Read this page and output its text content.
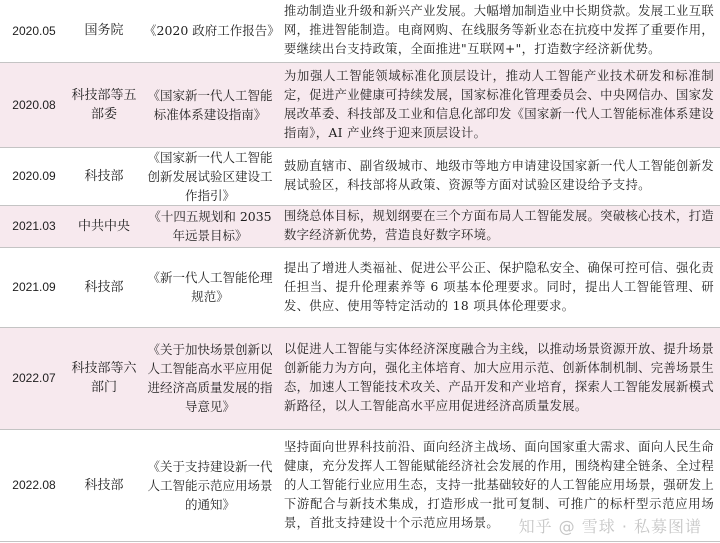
2020.05	国务院	《2020 政府工作报告》	推动制造业升级和新兴产业发展。大幅增加制造业中长期贷款。发展工业互联网，推进智能制造。电商网购、在线服务等新业态在抗疫中发挥了重要作用，要继续出台支持政策，全面推进"互联网+"，打造数字经济新优势。
2020.08	科技部等五部委	《国家新一代人工智能标准体系建设指南》	为加强人工智能领域标准化顶层设计，推动人工智能产业技术研发和标准制定，促进产业健康可持续发展，国家标准化管理委员会、中央网信办、国家发展改革委、科技部及工业和信息化部印发《国家新一代人工智能标准体系建设指南》，AI 产业终于迎来顶层设计。
2020.09	科技部	《国家新一代人工智能创新发展试验区建设工作指引》	鼓励直辖市、副省级城市、地级市等地方申请建设国家新一代人工智能创新发展试验区，科技部将从政策、资源等方面对试验区建设给予支持。
2021.03	中共中央	《十四五规划和 2035 年远景目标》	围绕总体目标，规划纲要在三个方面布局人工智能发展。突破核心技术，打造数字经济新优势，营造良好数字环境。
2021.09	科技部	《新一代人工智能伦理规范》	提出了增进人类福祉、促进公平公正、保护隐私安全、确保可控可信、强化责任担当、提升伦理素养等 6 项基本伦理要求。同时，提出人工智能管理、研发、供应、使用等特定活动的 18 项具体伦理要求。
2022.07	科技部等六部门	《关于加快场景创新以人工智能高水平应用促进经济高质量发展的指导意见》	以促进人工智能与实体经济深度融合为主线，以推动场景资源开放、提升场景创新能力为方向，强化主体培育、加大应用示范、创新体制机制、完善场景生态，加速人工智能技术攻关、产品开发和产业培育，探索人工智能发展新模式新路径，以人工智能高水平应用促进经济高质量发展。
2022.08	科技部	《关于支持建设新一代人工智能示范应用场景的通知》	坚持面向世界科技前沿、面向经济主战场、面向国家重大需求、面向人民生命健康，充分发挥人工智能赋能经济社会发展的作用，围绕构建全链条、全过程的人工智能行业应用生态，支持一批基础较好的人工智能应用场景，强研发上下游配合与新技术集成，打造形成一批可复制、可推广的标杆型示范应用场景，首批支持建设十个示范应用场景。 知乎 @ 雪球 · 私募图谱
